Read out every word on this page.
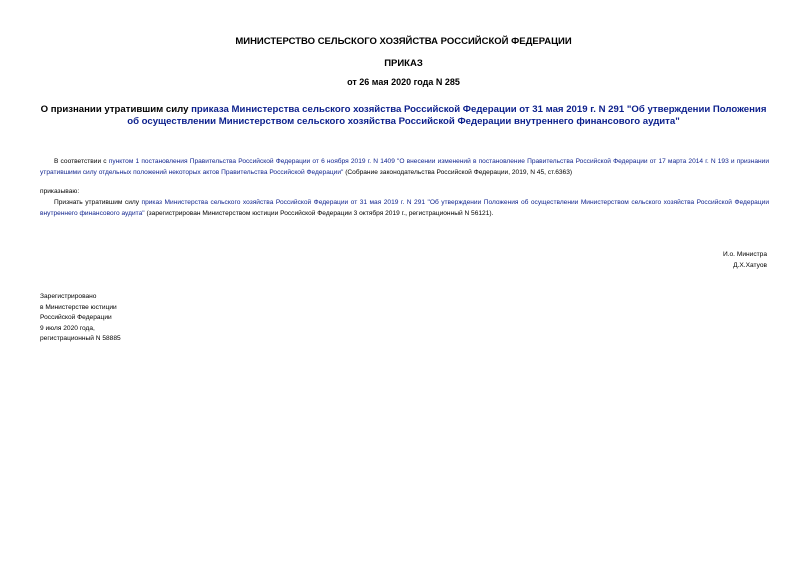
МИНИСТЕРСТВО СЕЛЬСКОГО ХОЗЯЙСТВА РОССИЙСКОЙ ФЕДЕРАЦИИ
ПРИКАЗ
от 26 мая 2020 года N 285
О признании утратившим силу приказа Министерства сельского хозяйства Российской Федерации от 31 мая 2019 г. N 291 "Об утверждении Положения об осуществлении Министерством сельского хозяйства Российской Федерации внутреннего финансового аудита"
В соответствии с пунктом 1 постановления Правительства Российской Федерации от 6 ноября 2019 г. N 1409 "О внесении изменений в постановление Правительства Российской Федерации от 17 марта 2014 г. N 193 и признании утратившими силу отдельных положений некоторых актов Правительства Российской Федерации" (Собрание законодательства Российской Федерации, 2019, N 45, ст.6363)
приказываю:
Признать утратившим силу приказ Министерства сельского хозяйства Российской Федерации от 31 мая 2019 г. N 291 "Об утверждении Положения об осуществлении Министерством сельского хозяйства Российской Федерации внутреннего финансового аудита" (зарегистрирован Министерством юстиции Российской Федерации 3 октября 2019 г., регистрационный N 56121).
И.о. Министра
Д.Х.Хатуов
Зарегистрировано
в Министерстве юстиции
Российской Федерации
9 июля 2020 года,
регистрационный N 58885
